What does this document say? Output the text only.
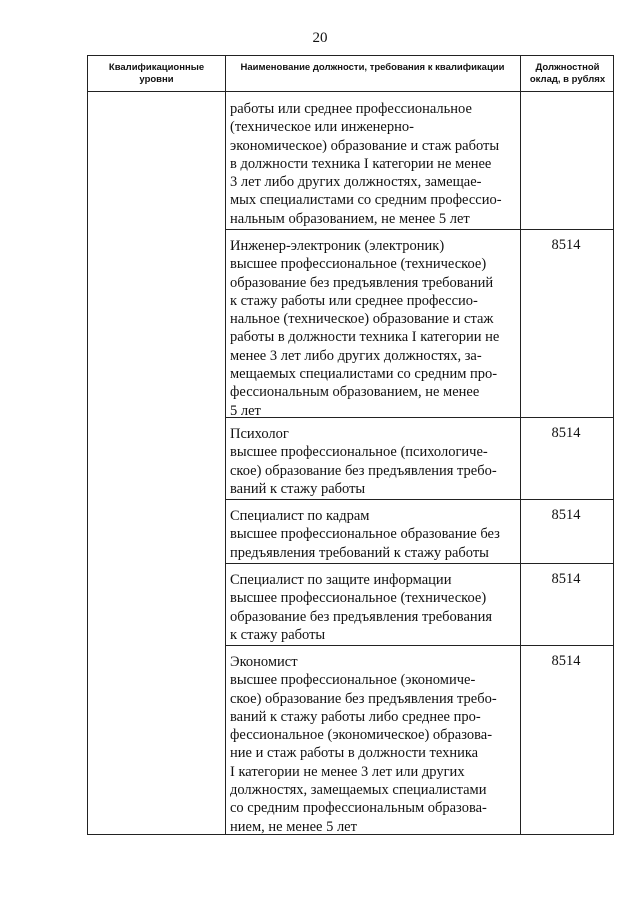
20
Квалификационные
уровни
Наименование должности, требования к квалификации	Должностной
оклад, в рублях
работы или среднее профессиональное
(техническое или инженерно-
экономическое) образование и стаж работы
в должности техника I категории не менее
3 лет либо других должностях, замещае-
мых специалистами со средним профессио-
нальным образованием, не менее 5 лет
Инженер-электроник (электроник)
высшее профессиональное (техническое)
образование без предъявления требований
к стажу работы или среднее профессио-
нальное (техническое) образование и стаж
работы в должности техника I категории не
менее 3 лет либо других должностях, за-
мещаемых специалистами со средним про-
фессиональным образованием, не менее
5 лет
8514
Психолог
высшее профессиональное (психологиче-
ское) образование без предъявления требо-
ваний к стажу работы
8514
Специалист по кадрам
высшее профессиональное образование без
предъявления требований к стажу работы
8514
Специалист по защите информации
высшее профессиональное (техническое)
образование без предъявления требования
к стажу работы
8514
Экономист
высшее профессиональное (экономиче-
ское) образование без предъявления требо-
ваний к стажу работы либо среднее про-
фессиональное (экономическое) образова-
ние и стаж работы в должности техника
I категории не менее 3 лет или других
должностях, замещаемых специалистами
со средним профессиональным образова-
нием, не менее 5 лет
8514
